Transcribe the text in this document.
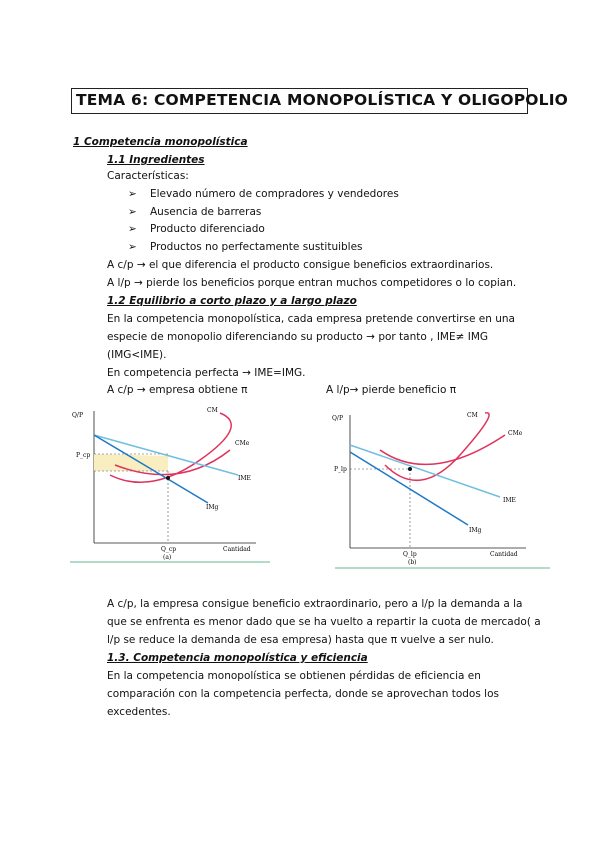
TEMA 6: COMPETENCIA MONOPOLÍSTICA Y OLIGOPOLIO
1 Competencia monopolística
1.1 Ingredientes
Características:
➢ Elevado número de compradores y vendedores
➢ Ausencia de barreras
➢ Producto diferenciado
➢ Productos no perfectamente sustituibles
A c/p → el que diferencia el producto consigue beneficios extraordinarios.
A l/p → pierde los beneficios porque entran muchos competidores o lo copian.
1.2 Equilibrio a corto plazo y a largo plazo
En la competencia monopolística, cada empresa pretende convertirse en una
especie de monopolio diferenciando su producto → por tanto , IME≠ IMG
(IMG<IME).
En competencia perfecta → IME=IMG.
A c/p → empresa obtiene π	A l/p→ pierde beneficio π
Q/P
P_cp
CM
CMe
IME
IMg
Q_cp	Cantidad
(a)
Q/P
P_lp
CM
CMe
IME
IMg
Q_lp	Cantidad
(b)
A c/p, la empresa consigue beneficio extraordinario, pero a l/p la demanda a la
que se enfrenta es menor dado que se ha vuelto a repartir la cuota de mercado( a
l/p se reduce la demanda de esa empresa) hasta que π vuelve a ser nulo.
1.3. Competencia monopolística y eficiencia
En la competencia monopolística se obtienen pérdidas de eficiencia en
comparación con la competencia perfecta, donde se aprovechan todos los
excedentes.
